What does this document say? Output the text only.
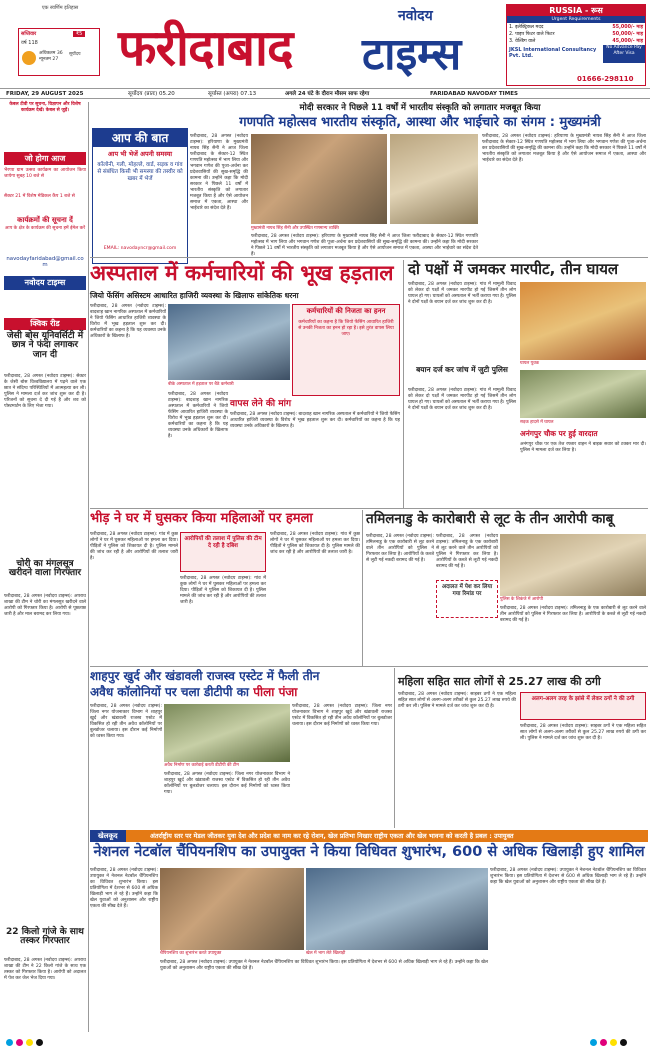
एक स्वर्णिम इतिहास
सप्तिवार	₹5
वर्ष 118
अधिकतम 36
न्यूनतम 27
सूर्योदय फरीदाबाद
नवोदय
टाइम्स
RUSSIA - रूस
Urgent Requirements
1. इलेक्ट्रिकल मदद	55,000/- माह
2. पाइप फिटर वाले फिटर	50,000/- माह
3. वेल्डिंग वाले	45,000/- माह
No Advance Pay After Visa
JKSL International Consultancy Pvt. Ltd.
01666-298110
FRIDAY, 29 AUGUST 2025	सूर्योदय (प्रातः) 05.20	सूर्यास्त (अपरा) 07.13	अगले 24 घंटे के दौरान मौसम साफ रहेगा	FARIDABAD NAVODAY TIMES
केबल टीवी पर सूचना, विज्ञापन और विशेष कार्यक्रम देखें। केबल से जुड़ें।
जो होगा आज
भैरप्पा ग्राम उत्सव कार्यक्रम का आयोजन किया जायेगा सुबह 10 बजे से
सैक्टर 21 में विशेष मेडिकल कैंप 1 बजे से
कार्यक्रमों की सूचना दें
आप के क्षेत्र के कार्यक्रम की सूचना हमें ईमेल करें
navodayfaridabad@gmail.com
नवोदय टाइम्स
क्विक रीड
जेसी बोस यूनिवर्सिटी में छात्र ने फंदा लगाकर जान दी
फरीदाबाद, 28 अगस्त (नवोदय टाइम्स): सेक्टर के जेसी बोस विश्वविद्यालय में पढ़ने वाले एक छात्र ने संदिग्ध परिस्थितियों में आत्महत्या कर ली। पुलिस ने मामला दर्ज कर जांच शुरू कर दी है। परिजनों को सूचना दे दी गई है और शव को पोस्टमार्टम के लिए भेजा गया।
चोरी का मंगलसूत्र खरीदने वाला गिरफ्तार
फरीदाबाद, 28 अगस्त (नवोदय टाइम्स): अपराध शाखा की टीम ने चोरी का मंगलसूत्र खरीदने वाले आरोपी को गिरफ्तार किया है। आरोपी से पूछताछ जारी है और माल बरामद कर लिया गया।
22 किलो गांजे के साथ तस्कर गिरफ्तार
फरीदाबाद, 28 अगस्त (नवोदय टाइम्स): अपराध शाखा की टीम ने 22 किलो गांजे के साथ एक तस्कर को गिरफ्तार किया है। आरोपी को अदालत में पेश कर जेल भेज दिया गया।
आप की बात
आप भी भेजें अपनी समस्या
कॉलोनी, गली, मोहल्ले, वार्ड, सड़क व गांव से संबंधित किसी भी समस्या की तस्वीर को खबर में भेजें
EMAIL: navodayncr@gmail.com
मोदी सरकार ने पिछले 11 वर्षों में भारतीय संस्कृति को लगातार मजबूत किया
गणपति महोत्सव भारतीय संस्कृति, आस्था और भाईचारे का संगम : मुख्यमंत्री
फरीदाबाद, 28 अगस्त (नवोदय टाइम्स): हरियाणा के मुख्यमंत्री नायब सिंह सैनी ने आज जिला फरीदाबाद के सेक्टर-12 स्थित गणपति महोत्सव में भाग लिया और भगवान गणेश की पूजा-अर्चना कर प्रदेशवासियों की सुख-समृद्धि की कामना की। उन्होंने कहा कि मोदी सरकार ने पिछले 11 वर्षों में भारतीय संस्कृति को लगातार मजबूत किया है और ऐसे आयोजन समाज में एकता, आस्था और भाईचारे का संदेश देते हैं।
मुख्यमंत्री नायब सिंह सैनी और उपस्थित गणमान्य व्यक्ति
फरीदाबाद, 28 अगस्त (नवोदय टाइम्स): हरियाणा के मुख्यमंत्री नायब सिंह सैनी ने आज जिला फरीदाबाद के सेक्टर-12 स्थित गणपति महोत्सव में भाग लिया और भगवान गणेश की पूजा-अर्चना कर प्रदेशवासियों की सुख-समृद्धि की कामना की। उन्होंने कहा कि मोदी सरकार ने पिछले 11 वर्षों में भारतीय संस्कृति को लगातार मजबूत किया है और ऐसे आयोजन समाज में एकता, आस्था और भाईचारे का संदेश देते हैं।
फरीदाबाद, 28 अगस्त (नवोदय टाइम्स): हरियाणा के मुख्यमंत्री नायब सिंह सैनी ने आज जिला फरीदाबाद के सेक्टर-12 स्थित गणपति महोत्सव में भाग लिया और भगवान गणेश की पूजा-अर्चना कर प्रदेशवासियों की सुख-समृद्धि की कामना की। उन्होंने कहा कि मोदी सरकार ने पिछले 11 वर्षों में भारतीय संस्कृति को लगातार मजबूत किया है और ऐसे आयोजन समाज में एकता, आस्था और भाईचारे का संदेश देते हैं।
अस्पताल में कर्मचारियों की भूख हड़ताल
जियो फेंसिंग असिस्टम आधारित हाजिरी व्यवस्था के खिलाफ सांकेतिक धरना
फरीदाबाद, 28 अगस्त (नवोदय टाइम्स): बादशाह खान नागरिक अस्पताल में कर्मचारियों ने जियो फेंसिंग आधारित हाजिरी व्यवस्था के विरोध में भूख हड़ताल शुरू कर दी। कर्मचारियों का कहना है कि यह व्यवस्था उनके अधिकारों के खिलाफ है।
कर्मचारियों की निजता का हनन
कर्मचारियों का कहना है कि जियो फेंसिंग आधारित हाजिरी से उनकी निजता का हनन हो रहा है। इसे तुरंत वापस लिया जाए।
बीके अस्पताल में हड़ताल पर बैठे कर्मचारी
फरीदाबाद, 28 अगस्त (नवोदय टाइम्स): बादशाह खान नागरिक अस्पताल में कर्मचारियों ने जियो फेंसिंग आधारित हाजिरी व्यवस्था के विरोध में भूख हड़ताल शुरू कर दी। कर्मचारियों का कहना है कि यह व्यवस्था उनके अधिकारों के खिलाफ है।
वापस लेने की मांग
फरीदाबाद, 28 अगस्त (नवोदय टाइम्स): बादशाह खान नागरिक अस्पताल में कर्मचारियों ने जियो फेंसिंग आधारित हाजिरी व्यवस्था के विरोध में भूख हड़ताल शुरू कर दी। कर्मचारियों का कहना है कि यह व्यवस्था उनके अधिकारों के खिलाफ है।
दो पक्षों में जमकर मारपीट, तीन घायल
फरीदाबाद, 28 अगस्त (नवोदय टाइम्स): गांव में मामूली विवाद को लेकर दो पक्षों में जमकर मारपीट हो गई जिसमें तीन लोग घायल हो गए। घायलों को अस्पताल में भर्ती कराया गया है। पुलिस ने दोनों पक्षों के बयान दर्ज कर जांच शुरू कर दी है।
घायल युवक
बयान दर्ज कर जांच में जुटी पुलिस
फरीदाबाद, 28 अगस्त (नवोदय टाइम्स): गांव में मामूली विवाद को लेकर दो पक्षों में जमकर मारपीट हो गई जिसमें तीन लोग घायल हो गए। घायलों को अस्पताल में भर्ती कराया गया है। पुलिस ने दोनों पक्षों के बयान दर्ज कर जांच शुरू कर दी है।
सड़क हादसे में घायल
अनंगपुर चौक पर हुई वारदात
अनंगपुर चौक पर एक तेज रफ्तार वाहन ने बाइक सवार को टक्कर मार दी। पुलिस ने मामला दर्ज कर लिया है।
भीड़ ने घर में घुसकर किया महिलाओं पर हमला
फरीदाबाद, 28 अगस्त (नवोदय टाइम्स): गांव में कुछ लोगों ने घर में घुसकर महिलाओं पर हमला कर दिया। पीड़ितों ने पुलिस को शिकायत दी है। पुलिस मामले की जांच कर रही है और आरोपियों की तलाश जारी है।
आरोपियों की तलाश में पुलिस की टीम दे रही है दबिश
फरीदाबाद, 28 अगस्त (नवोदय टाइम्स): गांव में कुछ लोगों ने घर में घुसकर महिलाओं पर हमला कर दिया। पीड़ितों ने पुलिस को शिकायत दी है। पुलिस मामले की जांच कर रही है और आरोपियों की तलाश जारी है।
फरीदाबाद, 28 अगस्त (नवोदय टाइम्स): गांव में कुछ लोगों ने घर में घुसकर महिलाओं पर हमला कर दिया। पीड़ितों ने पुलिस को शिकायत दी है। पुलिस मामले की जांच कर रही है और आरोपियों की तलाश जारी है।
तमिलनाडु के कारोबारी से लूट के तीन आरोपी काबू
फरीदाबाद, 28 अगस्त (नवोदय टाइम्स): तमिलनाडु के एक कारोबारी से लूट करने वाले तीन आरोपियों को पुलिस ने गिरफ्तार कर लिया है। आरोपियों के कब्जे से लूटी गई नकदी बरामद की गई है।
अदालत में पेश कर लिया गया रिमांड पर
पुलिस के शिकंजे में आरोपी
फरीदाबाद, 28 अगस्त (नवोदय टाइम्स): तमिलनाडु के एक कारोबारी से लूट करने वाले तीन आरोपियों को पुलिस ने गिरफ्तार कर लिया है। आरोपियों के कब्जे से लूटी गई नकदी बरामद की गई है।
फरीदाबाद, 28 अगस्त (नवोदय टाइम्स): तमिलनाडु के एक कारोबारी से लूट करने वाले तीन आरोपियों को पुलिस ने गिरफ्तार कर लिया है। आरोपियों के कब्जे से लूटी गई नकदी बरामद की गई है।
शाहपुर खुर्द और खंडावली राजस्व एस्टेट में फैली तीन
अवैध कॉलोनियों पर चला डीटीपी का पीला पंजा
फरीदाबाद, 28 अगस्त (नवोदय टाइम्स): जिला नगर योजनाकार विभाग ने शाहपुर खुर्द और खंडावली राजस्व एस्टेट में विकसित हो रही तीन अवैध कॉलोनियों पर बुलडोजर चलाया। इस दौरान कई निर्माणों को ध्वस्त किया गया।
अवैध निर्माण पर कार्रवाई करती डीटीपी की टीम
फरीदाबाद, 28 अगस्त (नवोदय टाइम्स): जिला नगर योजनाकार विभाग ने शाहपुर खुर्द और खंडावली राजस्व एस्टेट में विकसित हो रही तीन अवैध कॉलोनियों पर बुलडोजर चलाया। इस दौरान कई निर्माणों को ध्वस्त किया गया।
फरीदाबाद, 28 अगस्त (नवोदय टाइम्स): जिला नगर योजनाकार विभाग ने शाहपुर खुर्द और खंडावली राजस्व एस्टेट में विकसित हो रही तीन अवैध कॉलोनियों पर बुलडोजर चलाया। इस दौरान कई निर्माणों को ध्वस्त किया गया।
महिला सहित सात लोगों से 25.27 लाख की ठगी
फरीदाबाद, 28 अगस्त (नवोदय टाइम्स): साइबर ठगों ने एक महिला सहित सात लोगों से अलग-अलग तरीकों से कुल 25.27 लाख रुपये की ठगी कर ली। पुलिस ने मामले दर्ज कर जांच शुरू कर दी है।
अलग-अलग तरह के झांसे में लेकर ठगों ने की ठगी
फरीदाबाद, 28 अगस्त (नवोदय टाइम्स): साइबर ठगों ने एक महिला सहित सात लोगों से अलग-अलग तरीकों से कुल 25.27 लाख रुपये की ठगी कर ली। पुलिस ने मामले दर्ज कर जांच शुरू कर दी है।
खेलकूद	अंतर्राष्ट्रीय स्तर पर मेडल जीतकर युवा देश और प्रदेश का नाम कर रहे रोशन, खेल प्रतिभा निखार राष्ट्रीय एकता और खेल भावना को करती है प्रबल : उपायुक्त
नेशनल नेटबॉल चैंपियनशिप का उपायुक्त ने किया विधिवत शुभारंभ, 600 से अधिक खिलाड़ी हुए शामिल
फरीदाबाद, 28 अगस्त (नवोदय टाइम्स): उपायुक्त ने नेशनल नेटबॉल चैंपियनशिप का विधिवत शुभारंभ किया। इस प्रतियोगिता में देशभर से 600 से अधिक खिलाड़ी भाग ले रहे हैं। उन्होंने कहा कि खेल युवाओं को अनुशासन और राष्ट्रीय एकता की सीख देते हैं।
चैंपियनशिप का शुभारंभ करते उपायुक्त	खेल में भाग लेते खिलाड़ी
फरीदाबाद, 28 अगस्त (नवोदय टाइम्स): उपायुक्त ने नेशनल नेटबॉल चैंपियनशिप का विधिवत शुभारंभ किया। इस प्रतियोगिता में देशभर से 600 से अधिक खिलाड़ी भाग ले रहे हैं। उन्होंने कहा कि खेल युवाओं को अनुशासन और राष्ट्रीय एकता की सीख देते हैं।
फरीदाबाद, 28 अगस्त (नवोदय टाइम्स): उपायुक्त ने नेशनल नेटबॉल चैंपियनशिप का विधिवत शुभारंभ किया। इस प्रतियोगिता में देशभर से 600 से अधिक खिलाड़ी भाग ले रहे हैं। उन्होंने कहा कि खेल युवाओं को अनुशासन और राष्ट्रीय एकता की सीख देते हैं।
